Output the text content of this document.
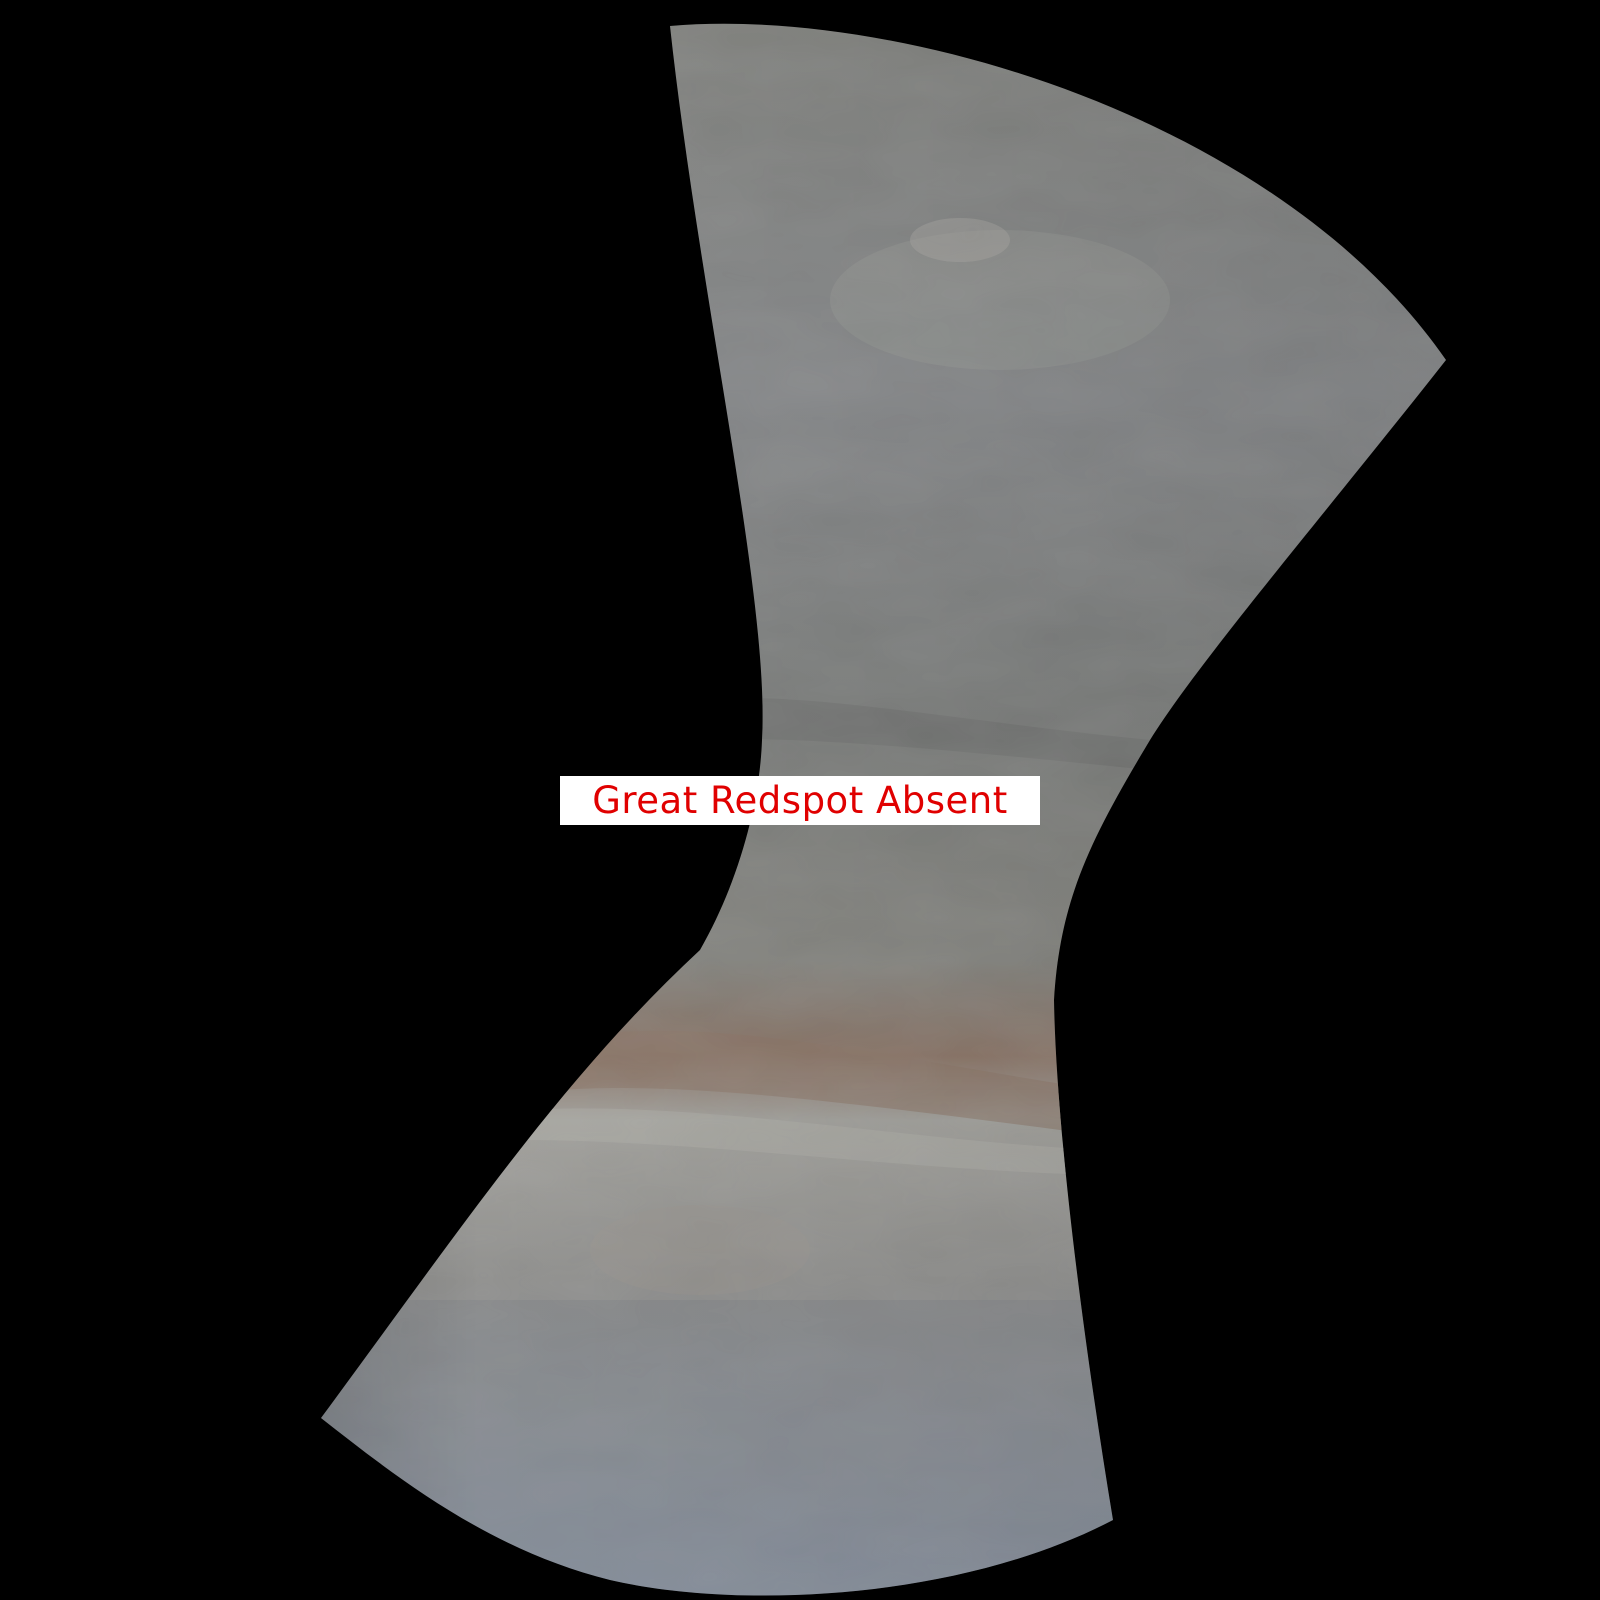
Great Redspot Absent
